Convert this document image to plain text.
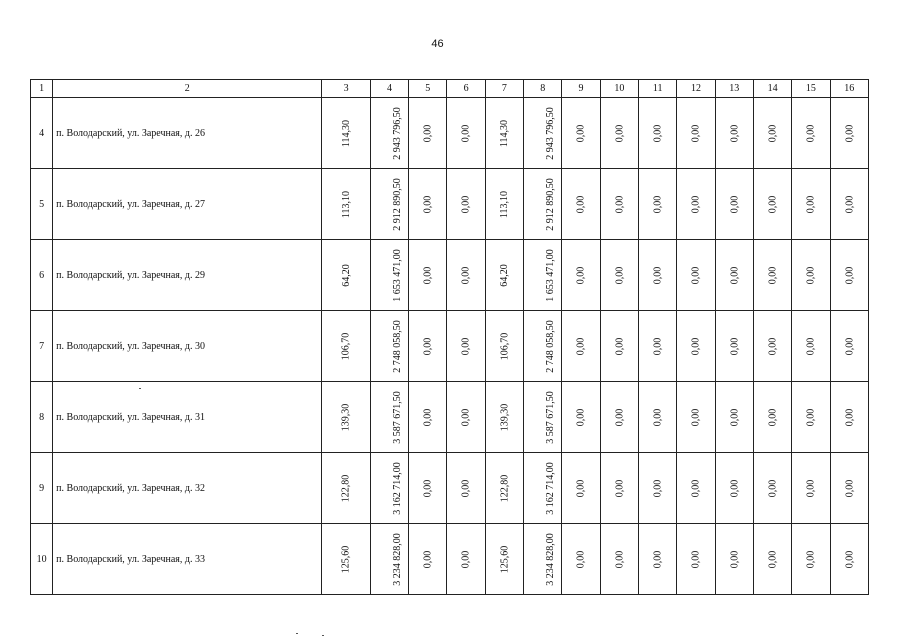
46
1	2	3	4	5	6	7	8	9	10	11	12	13	14	15	16
4	п. Володарский, ул. Заречная, д. 26	114,30	2 943 796,50	0,00	0,00	114,30	2 943 796,50	0,00	0,00	0,00	0,00	0,00	0,00	0,00	0,00
5	п. Володарский, ул. Заречная, д. 27	113,10	2 912 890,50	0,00	0,00	113,10	2 912 890,50	0,00	0,00	0,00	0,00	0,00	0,00	0,00	0,00
6	п. Володарский, ул. Заречная, д. 29	64,20	1 653 471,00	0,00	0,00	64,20	1 653 471,00	0,00	0,00	0,00	0,00	0,00	0,00	0,00	0,00
7	п. Володарский, ул. Заречная, д. 30	106,70	2 748 058,50	0,00	0,00	106,70	2 748 058,50	0,00	0,00	0,00	0,00	0,00	0,00	0,00	0,00
8	п. Володарский, ул. Заречная, д. 31	139,30	3 587 671,50	0,00	0,00	139,30	3 587 671,50	0,00	0,00	0,00	0,00	0,00	0,00	0,00	0,00
9	п. Володарский, ул. Заречная, д. 32	122,80	3 162 714,00	0,00	0,00	122,80	3 162 714,00	0,00	0,00	0,00	0,00	0,00	0,00	0,00	0,00
10	п. Володарский, ул. Заречная, д. 33	125,60	3 234 828,00	0,00	0,00	125,60	3 234 828,00	0,00	0,00	0,00	0,00	0,00	0,00	0,00	0,00
